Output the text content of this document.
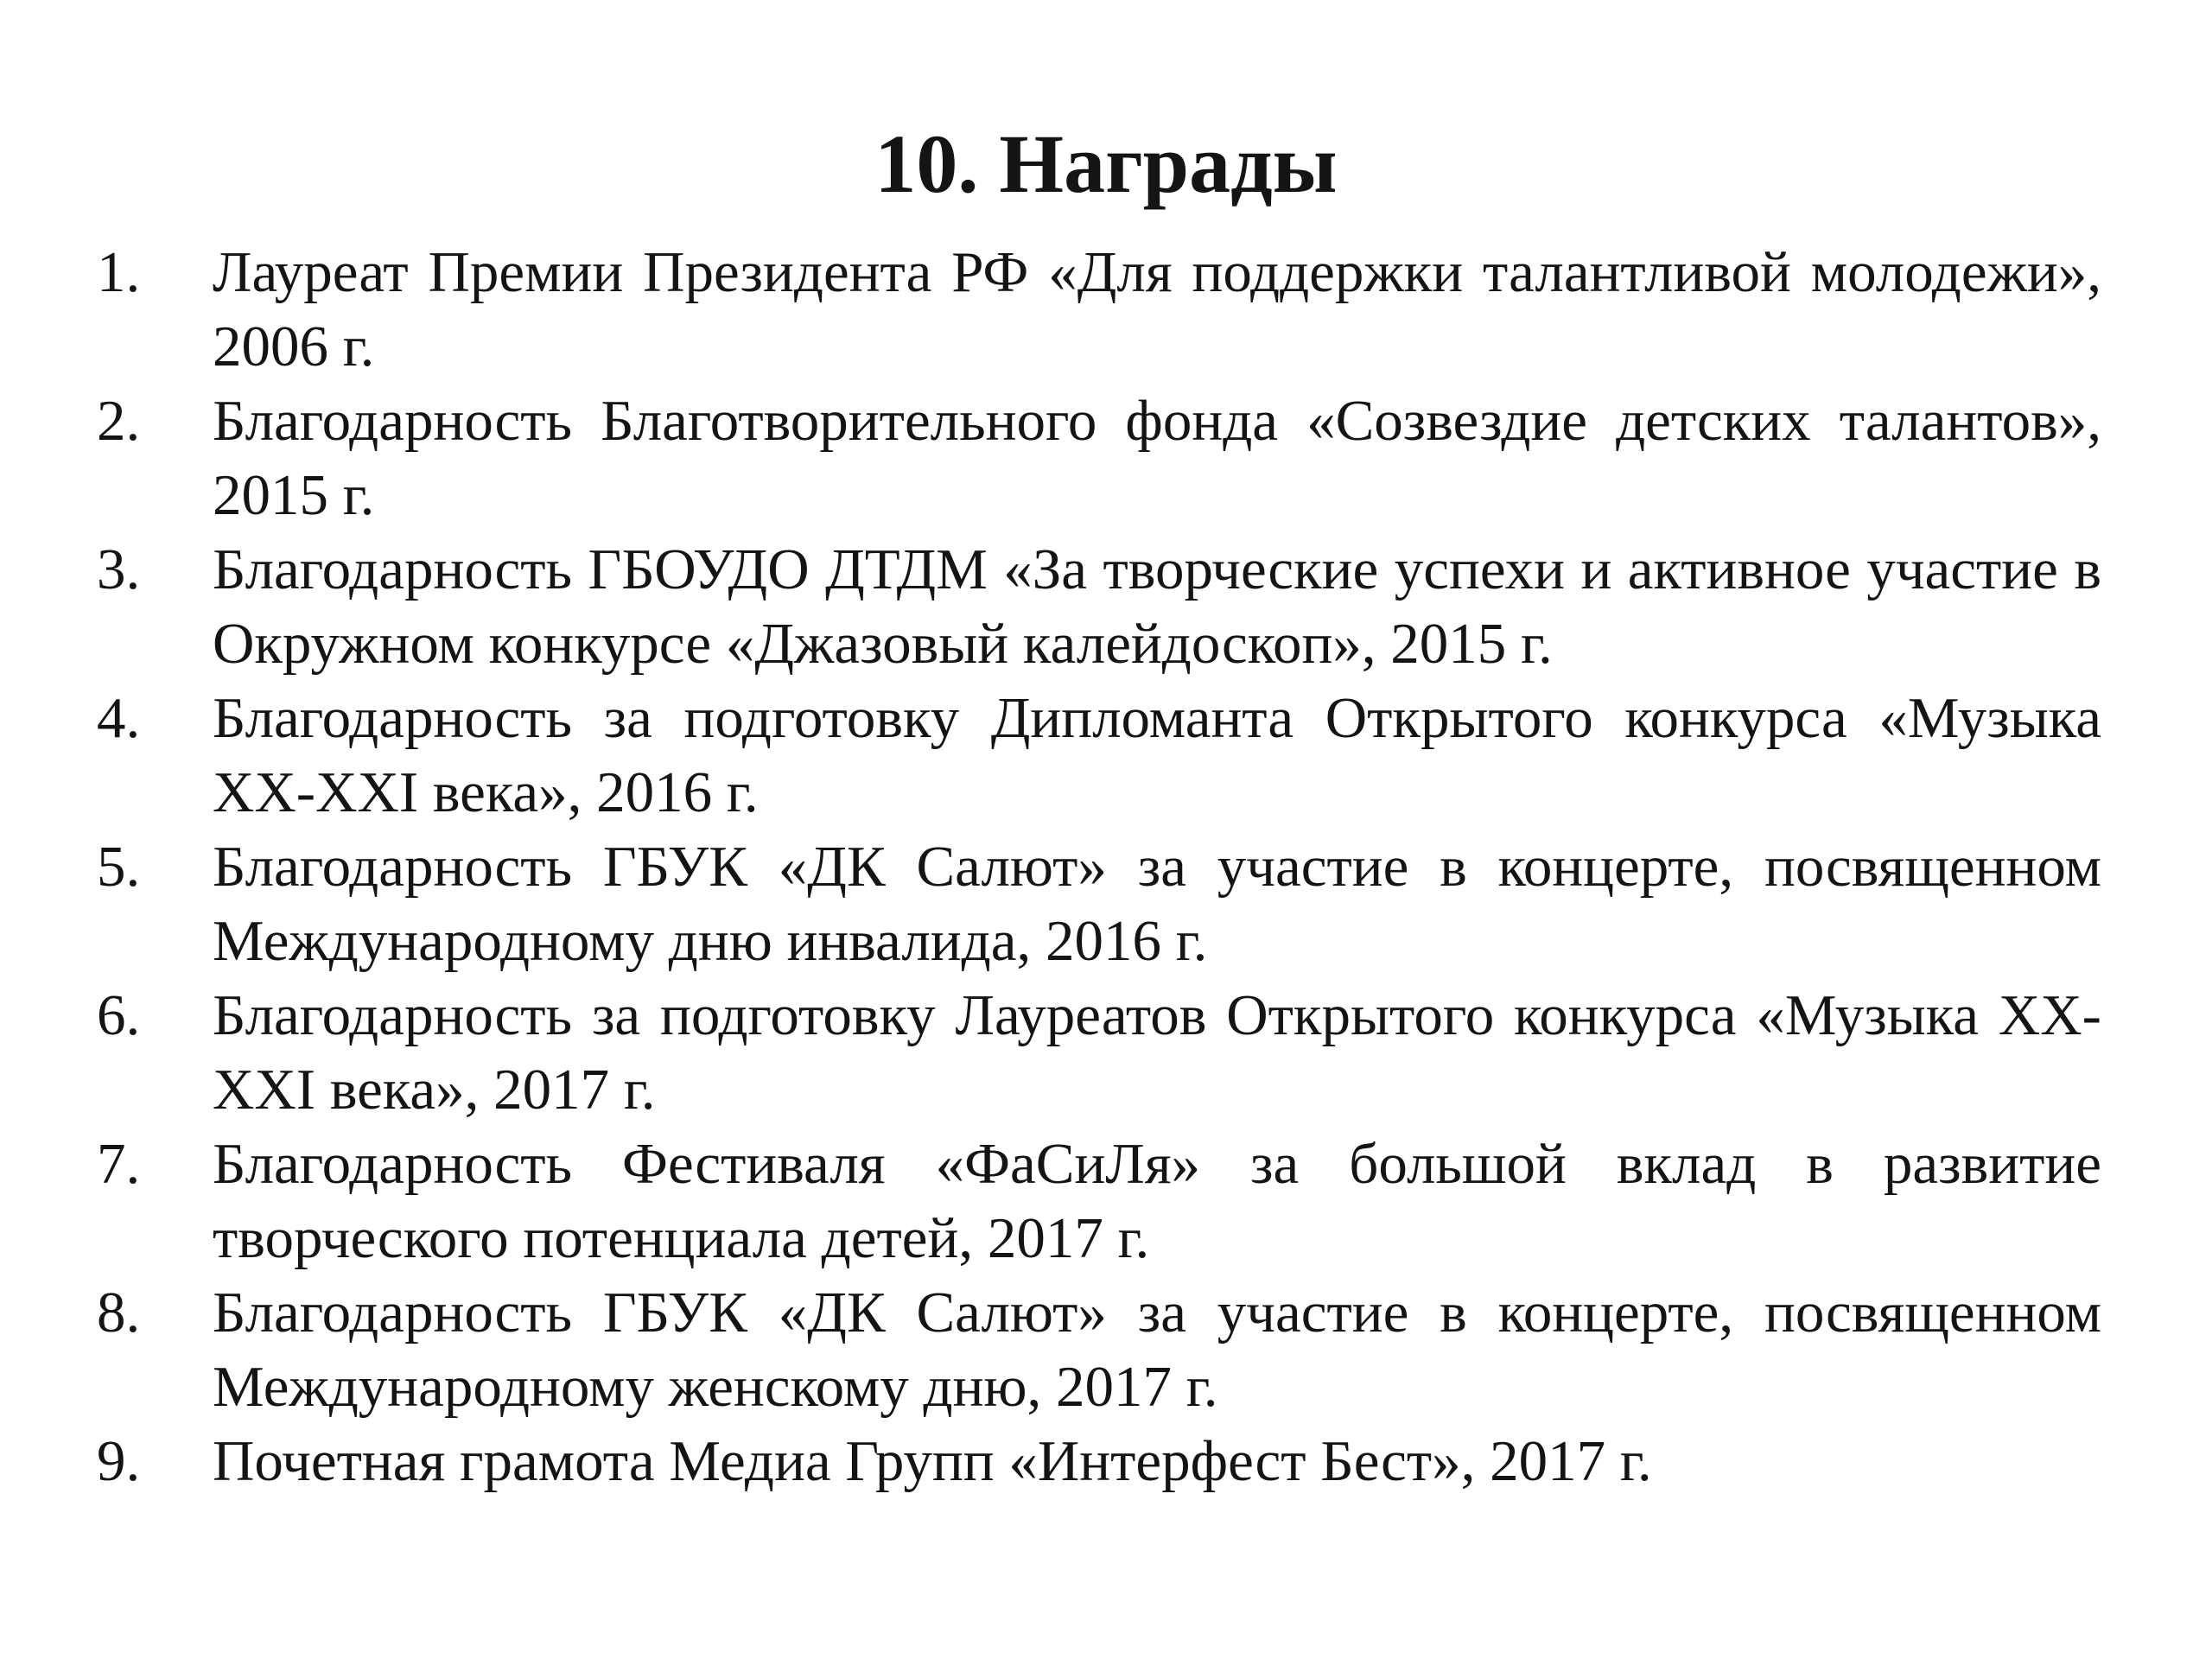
10. Награды
1. Лауреат Премии Президента РФ «Для поддержки талантливой молодежи», 2006 г.
2. Благодарность Благотворительного фонда «Созвездие детских талантов», 2015 г.
3. Благодарность ГБОУДО ДТДМ «За творческие успехи и активное участие в Окружном конкурсе «Джазовый калейдоскоп», 2015 г.
4. Благодарность за подготовку Дипломанта Открытого конкурса «Музыка XX-XXI века», 2016 г.
5. Благодарность ГБУК «ДК Салют» за участие в концерте, посвященном Международному дню инвалида, 2016 г.
6. Благодарность за подготовку Лауреатов Открытого конкурса «Музыка XX-XXI века», 2017 г.
7. Благодарность Фестиваля «ФаСиЛя» за большой вклад в развитие творческого потенциала детей, 2017 г.
8. Благодарность ГБУК «ДК Салют» за участие в концерте, посвященном Международному женскому дню, 2017 г.
9. Почетная грамота Медиа Групп «Интерфест Бест», 2017 г.
